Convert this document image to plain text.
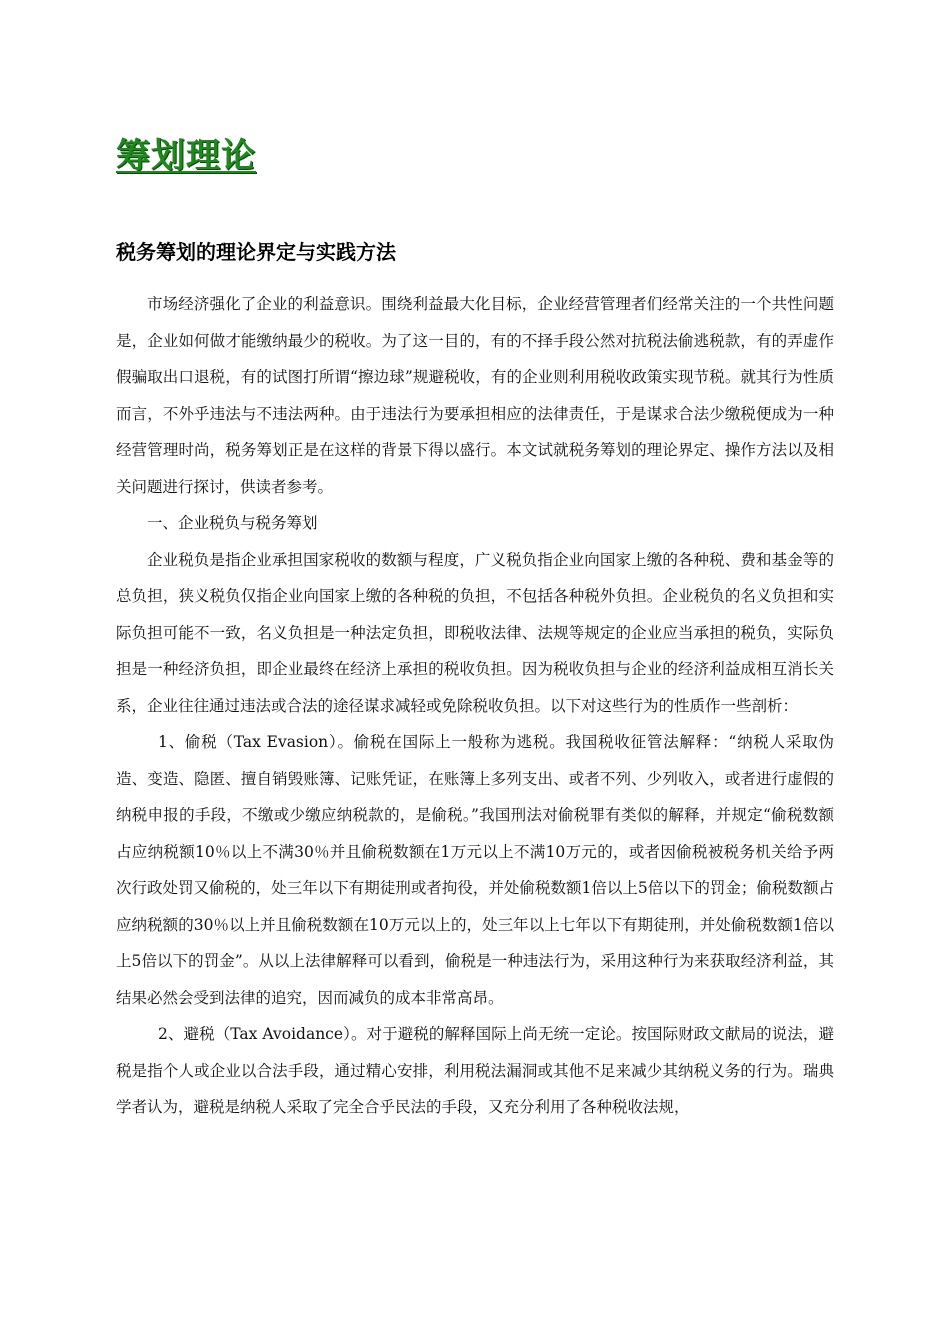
筹划理论
税务筹划的理论界定与实践方法

市场经济强化了企业的利益意识。围绕利益最大化目标，企业经营管理者们经常关注的一个共性问题是，企业如何做才能缴纳最少的税收。为了这一目的，有的不择手段公然对抗税法偷逃税款，有的弄虚作假骗取出口退税，有的试图打所谓“擦边球”规避税收，有的企业则利用税收政策实现节税。就其行为性质而言，不外乎违法与不违法两种。由于违法行为要承担相应的法律责任，于是谋求合法少缴税便成为一种经营管理时尚，税务筹划正是在这样的背景下得以盛行。本文试就税务筹划的理论界定、操作方法以及相关问题进行探讨，供读者参考。

一、企业税负与税务筹划

企业税负是指企业承担国家税收的数额与程度，广义税负指企业向国家上缴的各种税、费和基金等的总负担，狭义税负仅指企业向国家上缴的各种税的负担，不包括各种税外负担。企业税负的名义负担和实际负担可能不一致，名义负担是一种法定负担，即税收法律、法规等规定的企业应当承担的税负，实际负担是一种经济负担，即企业最终在经济上承担的税收负担。因为税收负担与企业的经济利益成相互消长关系，企业往往通过违法或合法的途径谋求减轻或免除税收负担。以下对这些行为的性质作一些剖析：

1、偷税（Tax Evasion）。偷税在国际上一般称为逃税。我国税收征管法解释：“纳税人采取伪造、变造、隐匿、擅自销毁账簿、记账凭证，在账簿上多列支出、或者不列、少列收入，或者进行虚假的纳税申报的手段，不缴或少缴应纳税款的，是偷税。”我国刑法对偷税罪有类似的解释，并规定“偷税数额占应纳税额10％以上不满30％并且偷税数额在1万元以上不满10万元的，或者因偷税被税务机关给予两次行政处罚又偷税的，处三年以下有期徒刑或者拘役，并处偷税数额1倍以上5倍以下的罚金；偷税数额占应纳税额的30％以上并且偷税数额在10万元以上的，处三年以上七年以下有期徒刑，并处偷税数额1倍以上5倍以下的罚金”。从以上法律解释可以看到，偷税是一种违法行为，采用这种行为来获取经济利益，其结果必然会受到法律的追究，因而减负的成本非常高昂。

2、避税（Tax Avoidance）。对于避税的解释国际上尚无统一定论。按国际财政文献局的说法，避税是指个人或企业以合法手段，通过精心安排，利用税法漏洞或其他不足来减少其纳税义务的行为。瑞典学者认为，避税是纳税人采取了完全合乎民法的手段，又充分利用了各种税收法规，
